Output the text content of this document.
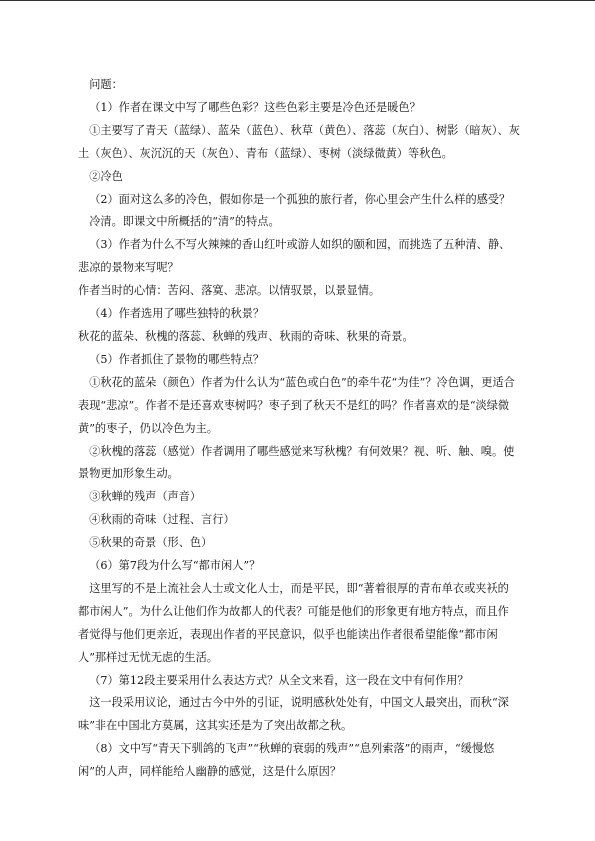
问题：

（1）作者在课文中写了哪些色彩？这些色彩主要是冷色还是暖色？

①主要写了青天（蓝绿）、蓝朵（蓝色）、秋草（黄色）、落蕊（灰白）、树影（暗灰）、灰土（灰色）、灰沉沉的天（灰色）、青布（蓝绿）、枣树（淡绿微黄）等秋色。

②冷色

（2）面对这么多的冷色，假如你是一个孤独的旅行者，你心里会产生什么样的感受？

冷清。即课文中所概括的“清”的特点。

（3）作者为什么不写火辣辣的香山红叶或游人如织的颐和园，而挑选了五种清、静、悲凉的景物来写呢？

作者当时的心情：苦闷、落寞、悲凉。以情驭景，以景显情。

（4）作者选用了哪些独特的秋景？

秋花的蓝朵、秋槐的落蕊、秋蝉的残声、秋雨的奇味、秋果的奇景。

（5）作者抓住了景物的哪些特点？

①秋花的蓝朵（颜色）作者为什么认为“蓝色或白色”的牵牛花“为佳”？冷色调，更适合表现“悲凉”。作者不是还喜欢枣树吗？枣子到了秋天不是红的吗？作者喜欢的是“淡绿微黄”的枣子，仍以冷色为主。

②秋槐的落蕊（感觉）作者调用了哪些感觉来写秋槐？有何效果？视、听、触、嗅。使景物更加形象生动。

③秋蝉的残声（声音）

④秋雨的奇味（过程、言行）

⑤秋果的奇景（形、色）

（6）第7段为什么写“都市闲人”？

这里写的不是上流社会人士或文化人士，而是平民，即“著着很厚的青布单衣或夹袄的都市闲人”。为什么让他们作为故都人的代表？可能是他们的形象更有地方特点，而且作者觉得与他们更亲近，表现出作者的平民意识，似乎也能读出作者很希望能像“都市闲人”那样过无忧无虑的生活。

（7）第12段主要采用什么表达方式？从全文来看，这一段在文中有何作用？

这一段采用议论，通过古今中外的引证，说明感秋处处有，中国文人最突出，而秋“深味”非在中国北方莫属，这其实还是为了突出故都之秋。

（8）文中写“青天下驯鸽的飞声”“秋蝉的衰弱的残声”“息列索落”的雨声，“缓慢悠闲”的人声，同样能给人幽静的感觉，这是什么原因？
